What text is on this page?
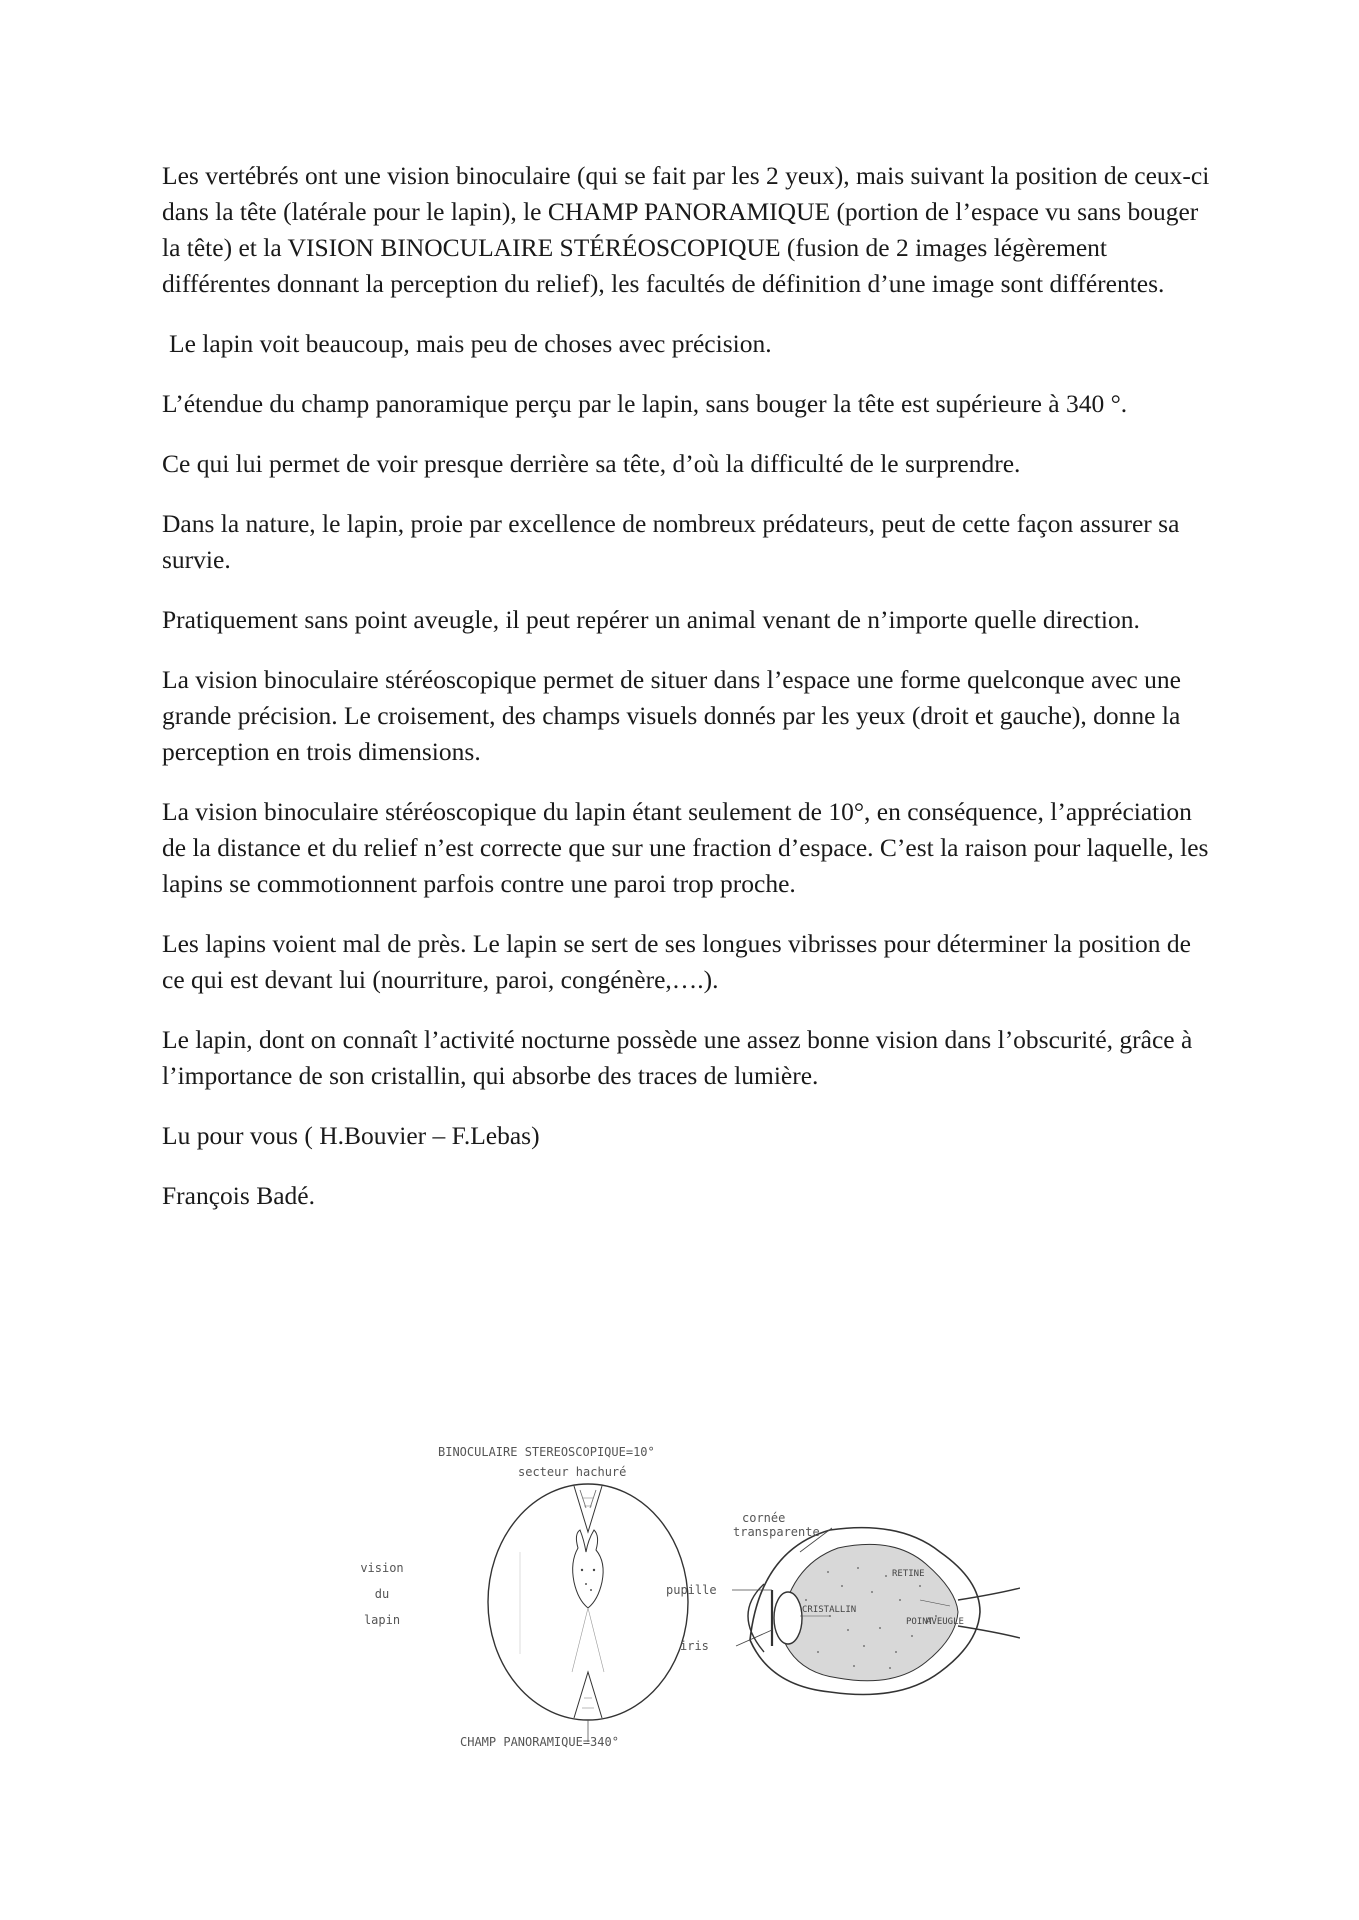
Les vertébrés ont une vision binoculaire (qui se fait par les 2 yeux), mais suivant la position de ceux-ci dans la tête (latérale pour le lapin), le CHAMP PANORAMIQUE (portion de l’espace vu sans bouger la tête) et la VISION BINOCULAIRE STÉRÉOSCOPIQUE (fusion de 2 images légèrement différentes donnant la perception du relief), les facultés de définition d’une image sont différentes.

Le lapin voit beaucoup, mais peu de choses avec précision.

L’étendue du champ panoramique perçu par le lapin, sans bouger la tête est supérieure à 340 °.

Ce qui lui permet de voir presque derrière sa tête, d’où la difficulté de le surprendre.

Dans la nature, le lapin, proie par excellence de nombreux prédateurs, peut de cette façon assurer sa survie.

Pratiquement sans point aveugle, il peut repérer un animal venant de n’importe quelle direction.

La vision binoculaire stéréoscopique permet de situer dans l’espace une forme quelconque avec une grande précision. Le croisement, des champs visuels donnés par les yeux (droit et gauche), donne la perception en trois dimensions.

La vision binoculaire stéréoscopique du lapin étant seulement de 10°, en conséquence, l’appréciation de la distance et du relief n’est correcte que sur une fraction d’espace. C’est la raison pour laquelle, les lapins se commotionnent parfois contre une paroi trop proche.

Les lapins voient mal de près. Le lapin se sert de ses longues vibrisses pour déterminer la position de ce qui est devant lui (nourriture, paroi, congénère,….).

Le lapin, dont on connaît l’activité nocturne possède une assez bonne vision dans l’obscurité, grâce à l’importance de son cristallin, qui absorbe des traces de lumière.

Lu pour vous ( H.Bouvier – F.Lebas)

François Badé.

BINOCULAIRE STEREOSCOPIQUE=10°
secteur hachuré
vision
du
lapin
CHAMP PANORAMIQUE=340°
cornée
transparente
pupille
iris
RETINE
CRISTALLIN
POINT
AVEUGLE
